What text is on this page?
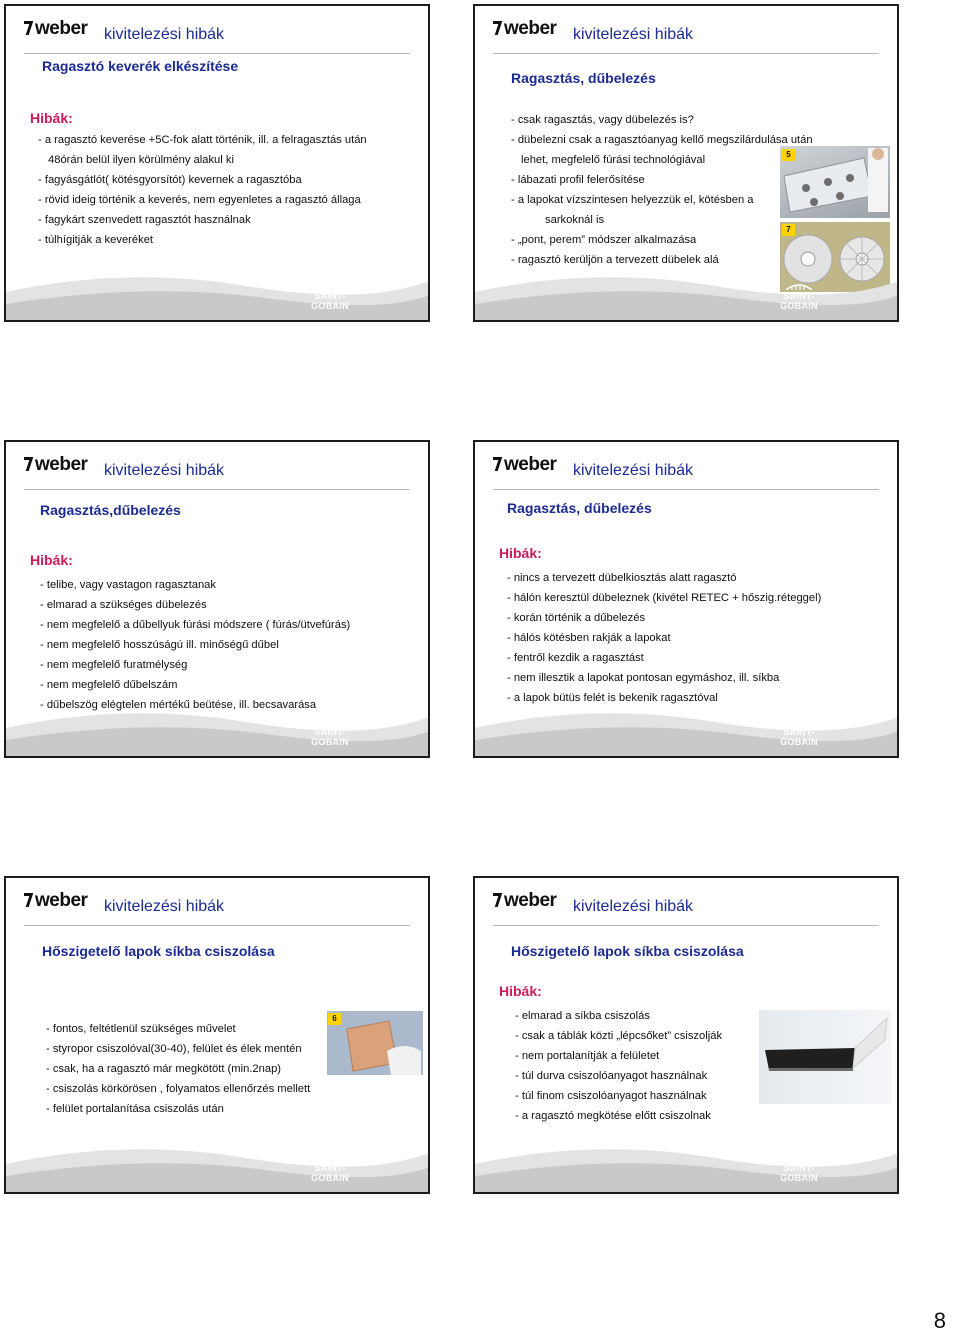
weber kivitelezési hibák
Ragasztó keverék elkészítése
Hibák:
- a ragasztó keverése +5C-fok alatt történik, ill. a felragasztás után
48órán belül ilyen körülmény alakul ki
- fagyásgátlót( kötésgyorsítót) kevernek a ragasztóba
- rövid ideig történik a keverés, nem egyenletes a ragasztó állaga
- fagykárt szenvedett ragasztót használnak
- túlhígitják a keveréket
SAINT-GOBAIN
weber kivitelezési hibák
Ragasztás, dűbelezés
- csak ragasztás, vagy dübelezés is?
- dübelezni csak a ragasztóanyag kellő megszilárdulása után
lehet, megfelelő fúrási technológiával
- lábazati profil felerősítése
- a lapokat vízszintesen helyezzük el, kötésben a
sarkoknál is
- „pont, perem” módszer alkalmazása
- ragasztó kerüljön a tervezett dübelek alá
5
7
SAINT-GOBAIN
weber kivitelezési hibák
Ragasztás,dűbelezés
Hibák:
- telibe, vagy vastagon ragasztanak
- elmarad a szükséges dübelezés
- nem megfelelő a dűbellyuk fúrási módszere ( fúrás/ütvefúrás)
- nem megfelelő hosszúságú ill. minőségű dűbel
- nem megfelelő furatmélység
- nem megfelelő dűbelszám
- dűbelszög elégtelen mértékű beütése, ill. becsavarása
SAINT-GOBAIN
weber kivitelezési hibák
Ragasztás, dűbelezés
Hibák:
- nincs a tervezett dübelkiosztás alatt ragasztó
- hálón keresztül dübeleznek (kivétel RETEC + hőszig.réteggel)
- korán történik a dűbelezés
- hálós kötésben rakják a lapokat
- fentről kezdik a ragasztást
- nem illesztik a lapokat pontosan egymáshoz, ill. síkba
- a lapok bütüs felét is bekenik ragasztóval
SAINT-GOBAIN
weber kivitelezési hibák
Hőszigetelő lapok síkba csiszolása
- fontos, feltétlenül szükséges művelet
- styropor csiszolóval(30-40), felület és élek mentén
- csak, ha a ragasztó már megkötött (min.2nap)
- csiszolás körkörösen , folyamatos ellenőrzés mellett
- felület portalanítása csiszolás után
6
SAINT-GOBAIN
weber kivitelezési hibák
Hőszigetelő lapok síkba csiszolása
Hibák:
- elmarad a síkba csiszolás
- csak a táblák közti „lépcsőket” csiszolják
- nem portalanítják a felületet
- túl durva csiszolóanyagot használnak
- túl finom csiszolóanyagot használnak
- a ragasztó megkötése előtt csiszolnak
SAINT-GOBAIN
8
